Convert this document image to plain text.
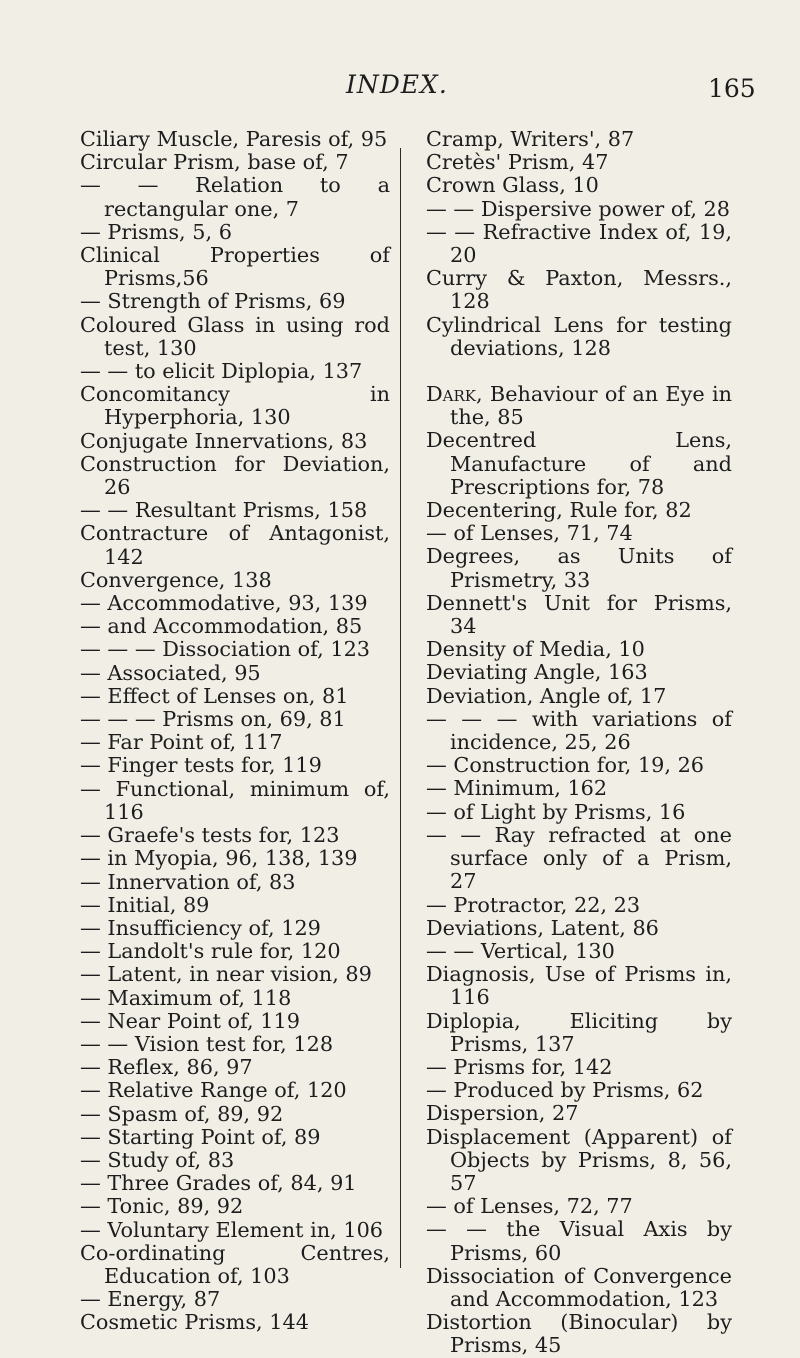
INDEX.	165
Ciliary Muscle, Paresis of, 95
Circular Prism, base of, 7
— — Relation to a rectangular one, 7
— Prisms, 5, 6
Clinical Properties of Prisms,56
— Strength of Prisms, 69
Coloured Glass in using rod test, 130
— — to elicit Diplopia, 137
Concomitancy in Hyperphoria, 130
Conjugate Innervations, 83
Construction for Deviation, 26
— — Resultant Prisms, 158
Contracture of Antagonist, 142
Convergence, 138
— Accommodative, 93, 139
— and Accommodation, 85
— — — Dissociation of, 123
— Associated, 95
— Effect of Lenses on, 81
— — — Prisms on, 69, 81
— Far Point of, 117
— Finger tests for, 119
— Functional, minimum of, 116
— Graefe's tests for, 123
— in Myopia, 96, 138, 139
— Innervation of, 83
— Initial, 89
— Insufficiency of, 129
— Landolt's rule for, 120
— Latent, in near vision, 89
— Maximum of, 118
— Near Point of, 119
— — Vision test for, 128
— Reflex, 86, 97
— Relative Range of, 120
— Spasm of, 89, 92
— Starting Point of, 89
— Study of, 83
— Three Grades of, 84, 91
— Tonic, 89, 92
— Voluntary Element in, 106
Co-ordinating Centres, Education of, 103
— Energy, 87
Cosmetic Prisms, 144
Cramp, Writers', 87
Cretès' Prism, 47
Crown Glass, 10
— — Dispersive power of, 28
— — Refractive Index of, 19, 20
Curry & Paxton, Messrs., 128
Cylindrical Lens for testing deviations, 128
Dark, Behaviour of an Eye in the, 85
Decentred Lens, Manufacture of and Prescriptions for, 78
Decentering, Rule for, 82
— of Lenses, 71, 74
Degrees, as Units of Prismetry, 33
Dennett's Unit for Prisms, 34
Density of Media, 10
Deviating Angle, 163
Deviation, Angle of, 17
— — — with variations of incidence, 25, 26
— Construction for, 19, 26
— Minimum, 162
— of Light by Prisms, 16
— — Ray refracted at one surface only of a Prism, 27
— Protractor, 22, 23
Deviations, Latent, 86
— — Vertical, 130
Diagnosis, Use of Prisms in, 116
Diplopia, Eliciting by Prisms, 137
— Prisms for, 142
— Produced by Prisms, 62
Dispersion, 27
Displacement (Apparent) of Objects by Prisms, 8, 56, 57
— of Lenses, 72, 77
— — the Visual Axis by Prisms, 60
Dissociation of Convergence and Accommodation, 123
Distortion (Binocular) by Prisms, 45
